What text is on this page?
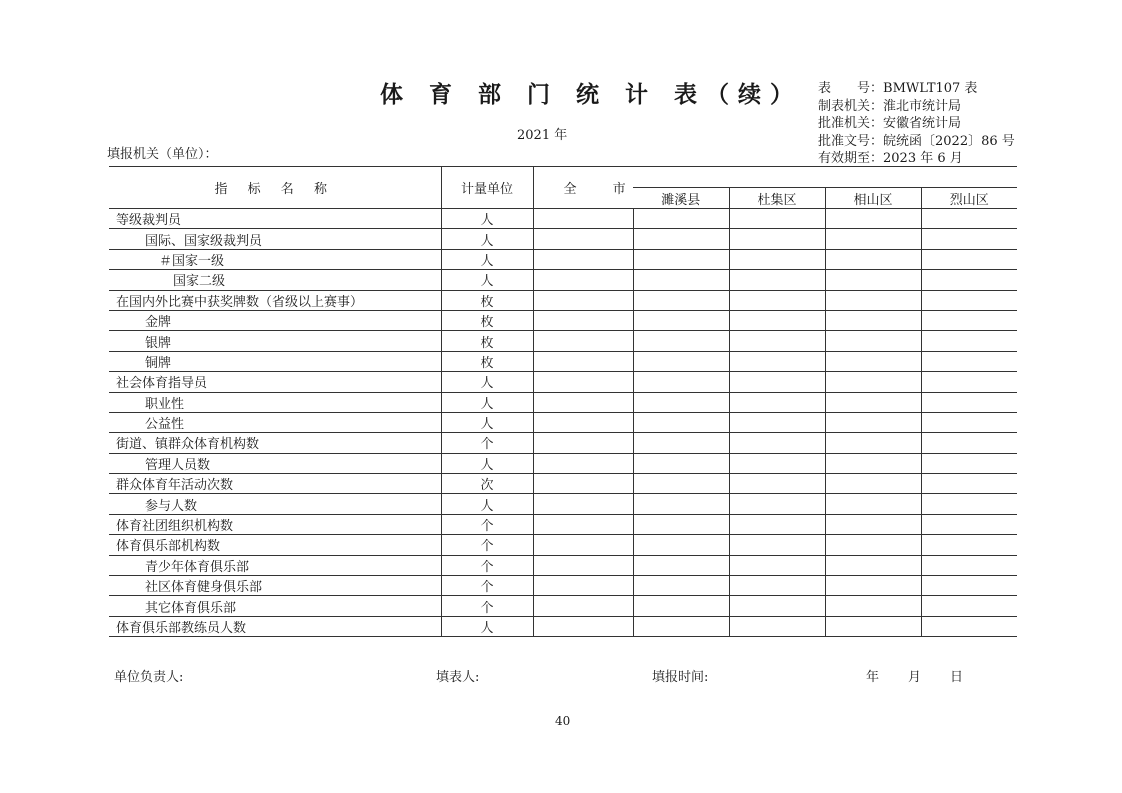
体 育 部 门 统 计 表（续）
2021 年
填报机关（单位）：
表　　号：BMWLT107 表
制表机关：淮北市统计局
批准机关：安徽省统计局
批准文号：皖统函〔2022〕86 号
有效期至：2023 年 6 月
指 标 名 称	计量单位	全 市				
			濉溪县	杜集区	相山区	烈山区
等级裁判员	人					
国际、国家级裁判员	人					
＃国家一级	人					
国家二级	人					
在国内外比赛中获奖牌数（省级以上赛事）	枚					
金牌	枚					
银牌	枚					
铜牌	枚					
社会体育指导员	人					
职业性	人					
公益性	人					
街道、镇群众体育机构数	个					
管理人员数	人					
群众体育年活动次数	次					
参与人数	人					
体育社团组织机构数	个					
体育俱乐部机构数	个					
青少年体育俱乐部	个					
社区体育健身俱乐部	个					
其它体育俱乐部	个					
体育俱乐部教练员人数	人					
单位负责人:	填表人:	填报时间:	年 月 日
40
